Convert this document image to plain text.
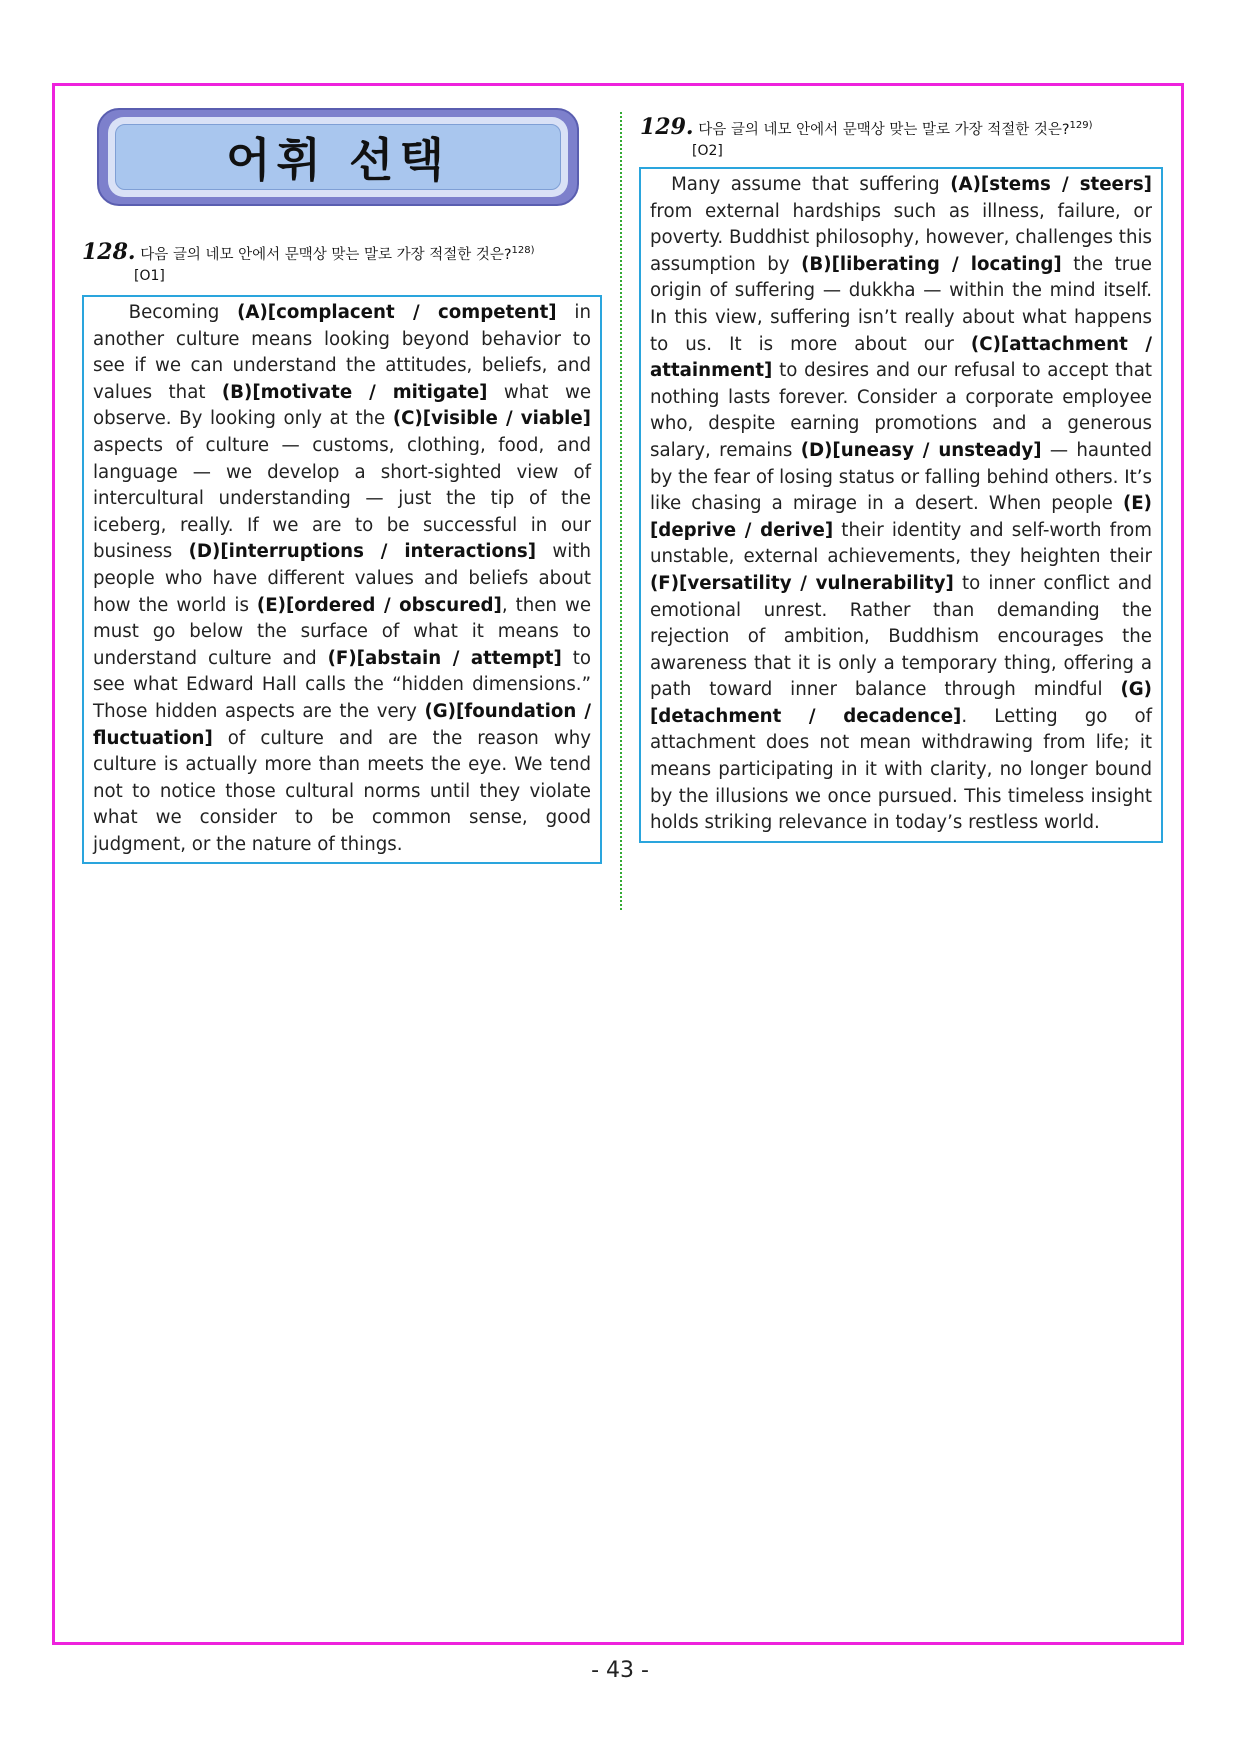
어휘 선택
128. 다음 글의 네모 안에서 문맥상 맞는 말로 가장 적절한 것은?$^{128)}$
[O1]
Becoming (A)[complacent / competent] in another culture means looking beyond behavior to see if we can understand the attitudes, beliefs, and values that (B)[motivate / mitigate] what we observe. By looking only at the (C)[visible / viable] aspects of culture — customs, clothing, food, and language — we develop a short-sighted view of intercultural understanding — just the tip of the iceberg, really. If we are to be successful in our business (D)[interruptions / interactions] with people who have different values and beliefs about how the world is (E)[ordered / obscured], then we must go below the surface of what it means to understand culture and (F)[abstain / attempt] to see what Edward Hall calls the “hidden dimensions.” Those hidden aspects are the very (G)[foundation / fluctuation] of culture and are the reason why culture is actually more than meets the eye. We tend not to notice those cultural norms until they violate what we consider to be common sense, good judgment, or the nature of things.
129. 다음 글의 네모 안에서 문맥상 맞는 말로 가장 적절한 것은?$^{129)}$
[O2]
Many assume that suffering (A)[stems / steers] from external hardships such as illness, failure, or poverty. Buddhist philosophy, however, challenges this assumption by (B)[liberating / locating] the true origin of suffering — dukkha — within the mind itself. In this view, suffering isn’t really about what happens to us. It is more about our (C)[attachment / attainment] to desires and our refusal to accept that nothing lasts forever. Consider a corporate employee who, despite earning promotions and a generous salary, remains (D)[uneasy / unsteady] — haunted by the fear of losing status or falling behind others. It’s like chasing a mirage in a desert. When people (E)[deprive / derive] their identity and self-worth from unstable, external achievements, they heighten their (F)[versatility / vulnerability] to inner conflict and emotional unrest. Rather than demanding the rejection of ambition, Buddhism encourages the awareness that it is only a temporary thing, offering a path toward inner balance through mindful (G)[detachment / decadence]. Letting go of attachment does not mean withdrawing from life; it means participating in it with clarity, no longer bound by the illusions we once pursued. This timeless insight holds striking relevance in today’s restless world.
- 43 -
